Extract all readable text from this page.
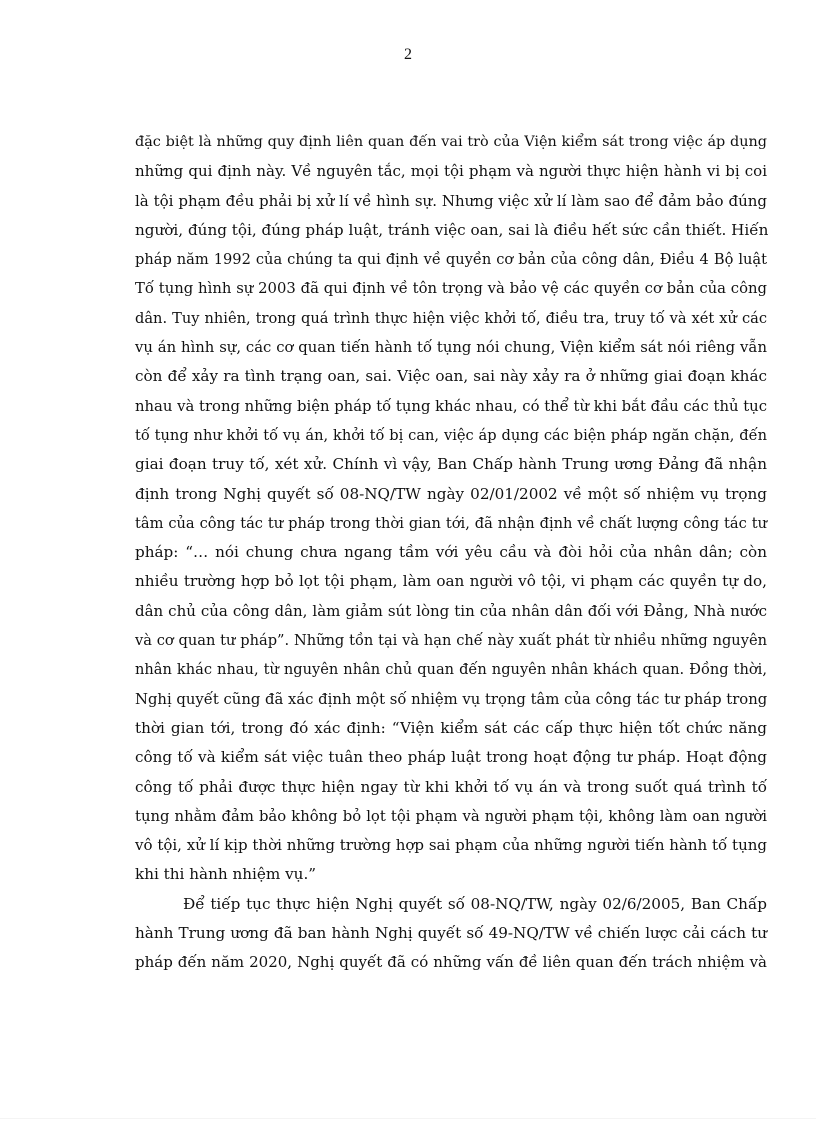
2
đặc biệt là những quy định liên quan đến vai trò của Viện kiểm sát trong việc áp dụng
những qui định này. Về nguyên tắc, mọi tội phạm và người thực hiện hành vi bị coi
là tội phạm đều phải bị xử lí về hình sự. Nhưng việc xử lí làm sao để đảm bảo đúng
người, đúng tội, đúng pháp luật, tránh việc oan, sai là điều hết sức cần thiết. Hiến
pháp năm 1992 của chúng ta qui định về quyền cơ bản của công dân, Điều 4 Bộ luật
Tố tụng hình sự 2003 đã qui định về tôn trọng và bảo vệ các quyền cơ bản của công
dân. Tuy nhiên, trong quá trình thực hiện việc khởi tố, điều tra, truy tố và xét xử các
vụ án hình sự, các cơ quan tiến hành tố tụng nói chung, Viện kiểm sát nói riêng vẫn
còn để xảy ra tình trạng oan, sai. Việc oan, sai này xảy ra ở những giai đoạn khác
nhau và trong những biện pháp tố tụng khác nhau, có thể từ khi bắt đầu các thủ tục
tố tụng như khởi tố vụ án, khởi tố bị can, việc áp dụng các biện pháp ngăn chặn, đến
giai đoạn truy tố, xét xử. Chính vì vậy, Ban Chấp hành Trung ương Đảng đã nhận
định trong Nghị quyết số 08-NQ/TW ngày 02/01/2002 về một số nhiệm vụ trọng
tâm của công tác tư pháp trong thời gian tới, đã nhận định về chất lượng công tác tư
pháp: “… nói chung chưa ngang tầm với yêu cầu và đòi hỏi của nhân dân; còn
nhiều trường hợp bỏ lọt tội phạm, làm oan người vô tội, vi phạm các quyền tự do,
dân chủ của công dân, làm giảm sút lòng tin của nhân dân đối với Đảng, Nhà nước
và cơ quan tư pháp”. Những tồn tại và hạn chế này xuất phát từ nhiều những nguyên
nhân khác nhau, từ nguyên nhân chủ quan đến nguyên nhân khách quan. Đồng thời,
Nghị quyết cũng đã xác định một số nhiệm vụ trọng tâm của công tác tư pháp trong
thời gian tới, trong đó xác định: “Viện kiểm sát các cấp thực hiện tốt chức năng
công tố và kiểm sát việc tuân theo pháp luật trong hoạt động tư pháp. Hoạt động
công tố phải được thực hiện ngay từ khi khởi tố vụ án và trong suốt quá trình tố
tụng nhằm đảm bảo không bỏ lọt tội phạm và người phạm tội, không làm oan người
vô tội, xử lí kịp thời những trường hợp sai phạm của những người tiến hành tố tụng
khi thi hành nhiệm vụ.”
Để tiếp tục thực hiện Nghị quyết số 08-NQ/TW, ngày 02/6/2005, Ban Chấp
hành Trung ương đã ban hành Nghị quyết số 49-NQ/TW về chiến lược cải cách tư
pháp đến năm 2020, Nghị quyết đã có những vấn đề liên quan đến trách nhiệm và
